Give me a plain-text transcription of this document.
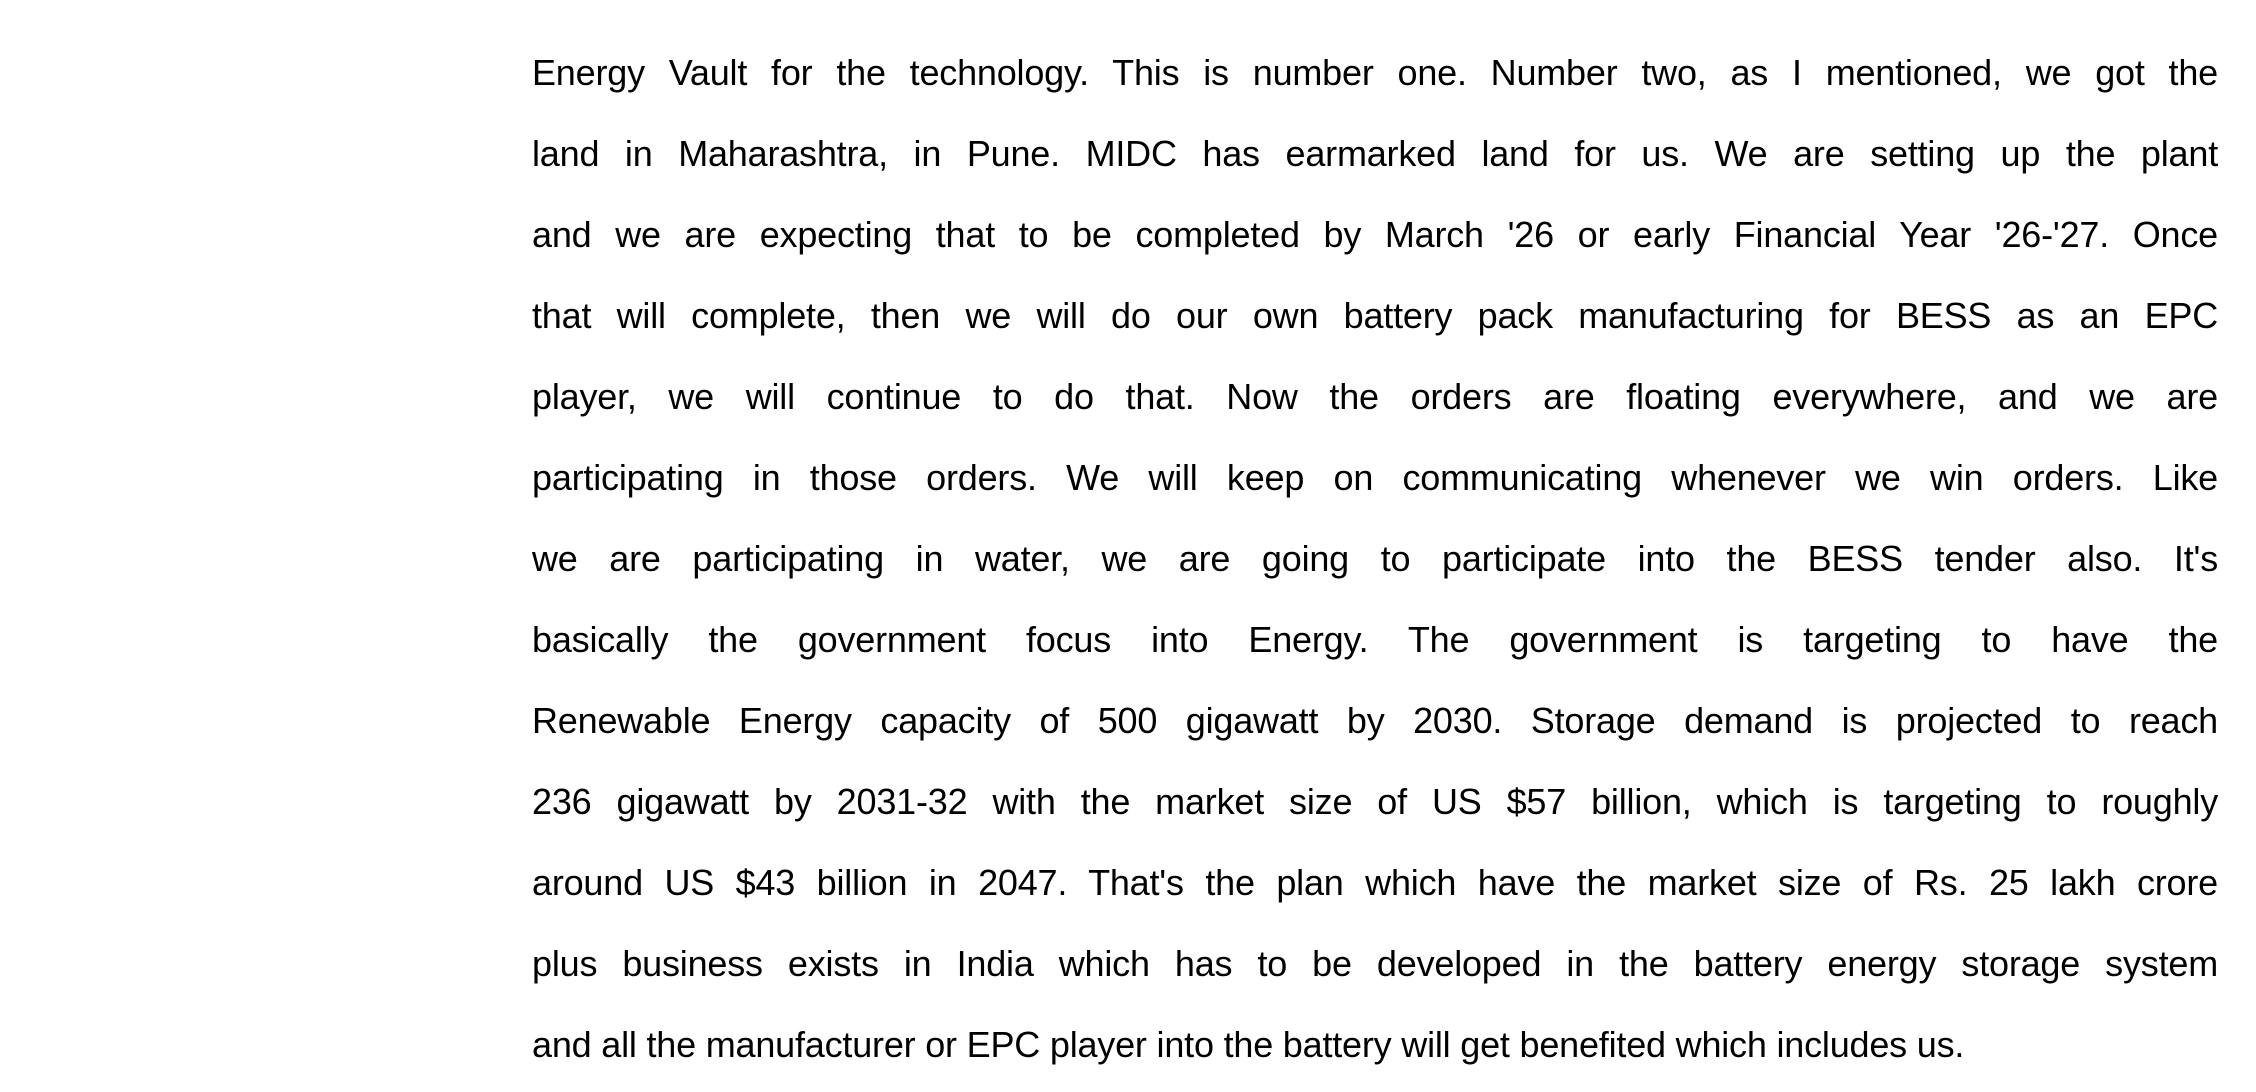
Energy Vault for the technology. This is number one. Number two, as I mentioned, we got the
land in Maharashtra, in Pune. MIDC has earmarked land for us. We are setting up the plant
and we are expecting that to be completed by March '26 or early Financial Year '26-'27. Once
that will complete, then we will do our own battery pack manufacturing for BESS as an EPC
player, we will continue to do that. Now the orders are floating everywhere, and we are
participating in those orders. We will keep on communicating whenever we win orders. Like
we are participating in water, we are going to participate into the BESS tender also. It's
basically the government focus into Energy. The government is targeting to have the
Renewable Energy capacity of 500 gigawatt by 2030. Storage demand is projected to reach
236 gigawatt by 2031-32 with the market size of US $57 billion, which is targeting to roughly
around US $43 billion in 2047. That's the plan which have the market size of Rs. 25 lakh crore
plus business exists in India which has to be developed in the battery energy storage system
and all the manufacturer or EPC player into the battery will get benefited which includes us.
